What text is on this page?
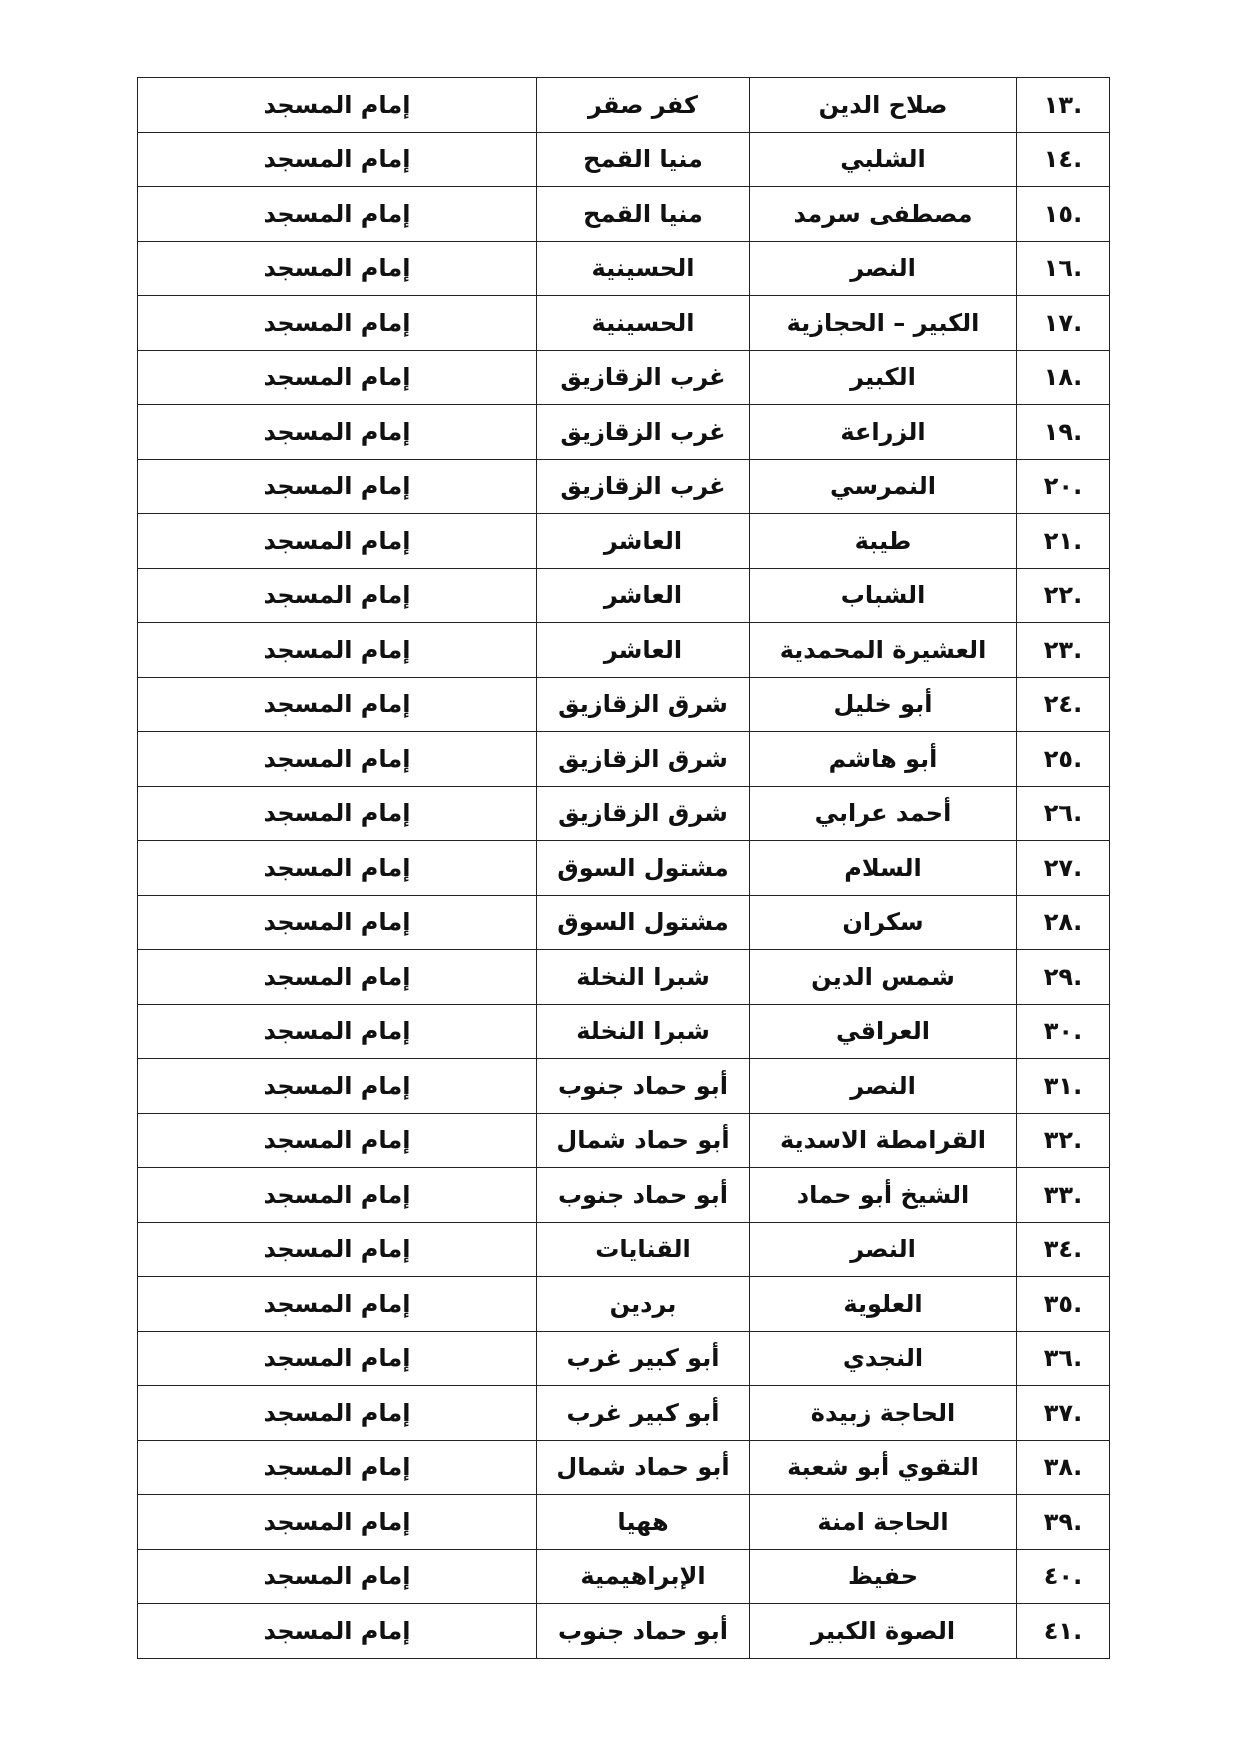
.١٣	صلاح الدين	كفر صقر	إمام المسجد
.١٤	الشلبي	منيا القمح	إمام المسجد
.١٥	مصطفى سرمد	منيا القمح	إمام المسجد
.١٦	النصر	الحسينية	إمام المسجد
.١٧	الكبير – الحجازية	الحسينية	إمام المسجد
.١٨	الكبير	غرب الزقازيق	إمام المسجد
.١٩	الزراعة	غرب الزقازيق	إمام المسجد
.٢٠	النمرسي	غرب الزقازيق	إمام المسجد
.٢١	طيبة	العاشر	إمام المسجد
.٢٢	الشباب	العاشر	إمام المسجد
.٢٣	العشيرة المحمدية	العاشر	إمام المسجد
.٢٤	أبو خليل	شرق الزقازيق	إمام المسجد
.٢٥	أبو هاشم	شرق الزقازيق	إمام المسجد
.٢٦	أحمد عرابي	شرق الزقازيق	إمام المسجد
.٢٧	السلام	مشتول السوق	إمام المسجد
.٢٨	سكران	مشتول السوق	إمام المسجد
.٢٩	شمس الدين	شبرا النخلة	إمام المسجد
.٣٠	العراقي	شبرا النخلة	إمام المسجد
.٣١	النصر	أبو حماد جنوب	إمام المسجد
.٣٢	القرامطة الاسدية	أبو حماد شمال	إمام المسجد
.٣٣	الشيخ أبو حماد	أبو حماد جنوب	إمام المسجد
.٣٤	النصر	القنايات	إمام المسجد
.٣٥	العلوية	بردين	إمام المسجد
.٣٦	النجدي	أبو كبير غرب	إمام المسجد
.٣٧	الحاجة زبيدة	أبو كبير غرب	إمام المسجد
.٣٨	التقوي أبو شعبة	أبو حماد شمال	إمام المسجد
.٣٩	الحاجة امنة	ههيا	إمام المسجد
.٤٠	حفيظ	الإبراهيمية	إمام المسجد
.٤١	الصوة الكبير	أبو حماد جنوب	إمام المسجد
